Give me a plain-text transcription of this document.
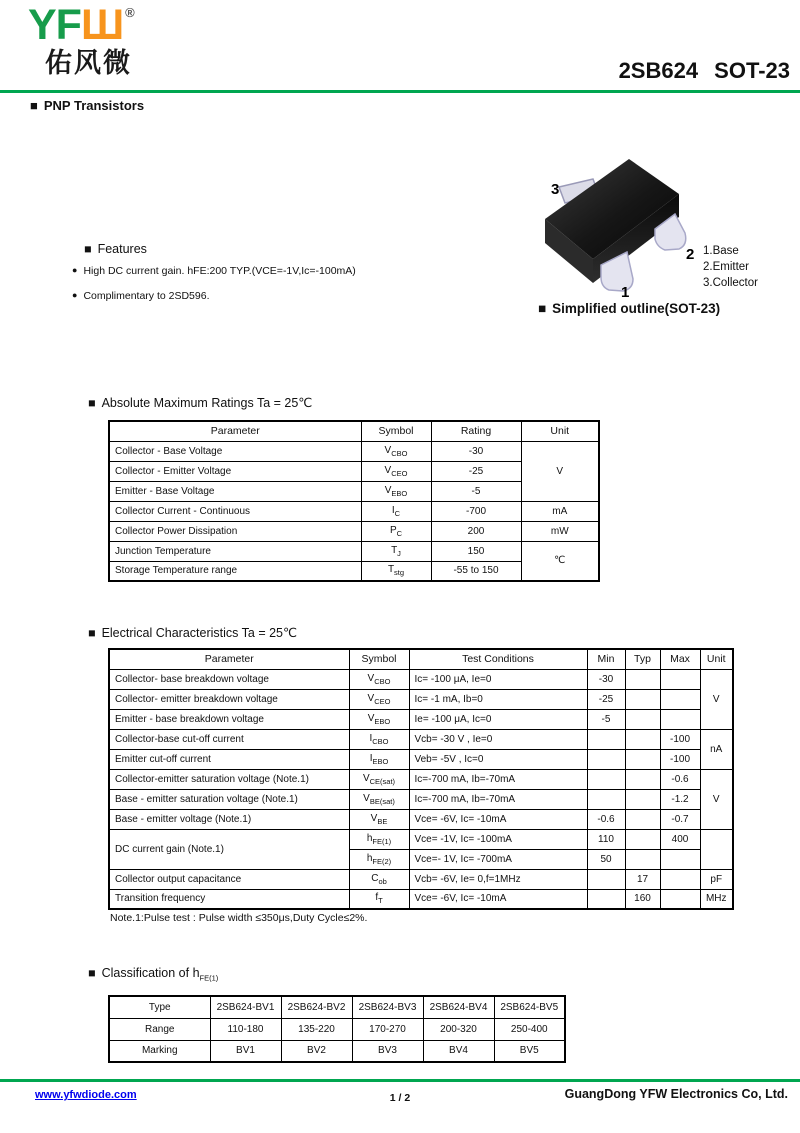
YFШ ®
佑风微	2SB624 SOT-23
■ PNP Transistors
■ Features
● High DC current gain. hFE:200 TYP.(VCE=-1V,Ic=-100mA)
● Complimentary to 2SD596.
3
2
1
1.Base
2.Emitter
3.Collector
■ Simplified outline(SOT-23)
■ Absolute Maximum Ratings Ta = 25℃
Parameter	Symbol	Rating	Unit
Collector - Base Voltage	$V_{CBO}$	-30	V
Collector - Emitter Voltage	$V_{CEO}$	-25	
Emitter - Base Voltage	$V_{EBO}$	-5	
Collector Current - Continuous	$I_C$	-700	mA
Collector Power Dissipation	$P_C$	200	mW
Junction Temperature	$T_J$	150	℃
Storage Temperature range	$T_{stg}$	-55 to 150	
■ Electrical Characteristics Ta = 25℃
Parameter	Symbol	Test Conditions	Min	Typ	Max	Unit
Collector- base breakdown voltage	$V_{CBO}$	Ic= -100 μA, Ie=0	-30			V
Collector- emitter breakdown voltage	$V_{CEO}$	Ic= -1 mA, Ib=0	-25			
Emitter - base breakdown voltage	$V_{EBO}$	Ie= -100 μA, Ic=0	-5			
Collector-base cut-off current	$I_{CBO}$	Vcb= -30 V , Ie=0			-100	nA
Emitter cut-off current	$I_{EBO}$	Veb= -5V , Ic=0			-100	
Collector-emitter saturation voltage (Note.1)	$V_{CE(sat)}$	Ic=-700 mA, Ib=-70mA			-0.6	V
Base - emitter saturation voltage (Note.1)	$V_{BE(sat)}$	Ic=-700 mA, Ib=-70mA			-1.2	
Base - emitter voltage (Note.1)	$V_{BE}$	Vce= -6V, Ic= -10mA	-0.6		-0.7	
DC current gain (Note.1)	$h_{FE(1)}$	Vce= -1V, Ic= -100mA	110		400	
	$h_{FE(2)}$	Vce=- 1V, Ic= -700mA	50			
Collector output capacitance	$C_{ob}$	Vcb= -6V, Ie= 0,f=1MHz		17		pF
Transition frequency	$f_T$	Vce= -6V, Ic= -10mA		160		MHz
Note.1:Pulse test : Pulse width ≤350μs,Duty Cycle≤2%.
■ Classification of $h_{FE(1)}$
Type	2SB624-BV1	2SB624-BV2	2SB624-BV3	2SB624-BV4	2SB624-BV5
Range	110-180	135-220	170-270	200-320	250-400
Marking	BV1	BV2	BV3	BV4	BV5
www.yfwdiode.com	1 / 2	GuangDong YFW Electronics Co, Ltd.
